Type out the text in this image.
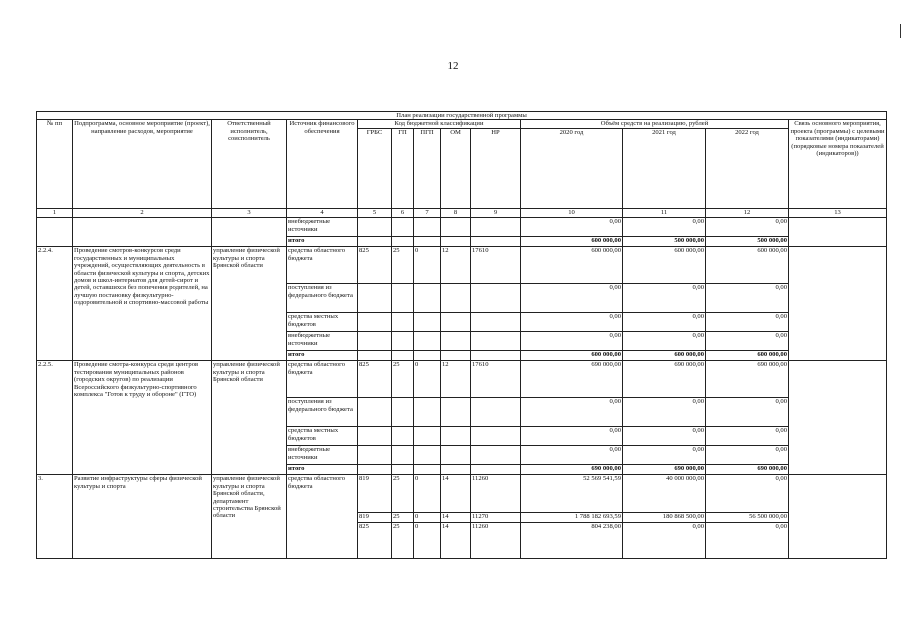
12
План реализации государственной программы												
№ пп	Подпрограмма, основное мероприятие (проект), направление расходов, мероприятие	Ответственный исполнитель, соисполнитель	Источник финансового обеспечения	Код бюджетной классификации					Объём средств на реализацию, рублей			Связь основного мероприятия, проекта (программы) с целевыми показателями (индикаторами) (порядковые номера показателей (индикаторов))
				ГРБС	ГП	ПГП	ОМ	НР	2020 год	2021 год	2022 год	
1	2	3	4	5	6	7	8	9	10	11	12	13
			внебюджетные источники						0,00	0,00	0,00	
			итого						600 000,00	500 000,00	500 000,00	
2.2.4.	Проведение смотров-конкурсов среди государственных и муниципальных учреждений, осуществляющих деятельность в области физической культуры и спорта, детских домов и школ-интернатов для детей-сирот и детей, оставшихся без попечения родителей, на лучшую постановку физкультурно-оздоровительной и спортивно-массовой работы	управление физической культуры и спорта Брянской области	средства областного бюджета	825	25	0	12	17610	600 000,00	600 000,00	600 000,00	
			поступления из федерального бюджета						0,00	0,00	0,00	
			средства местных бюджетов						0,00	0,00	0,00	
			внебюджетные источники						0,00	0,00	0,00	
			итого						600 000,00	600 000,00	600 000,00	
2.2.5.	Проведение смотра-конкурса среди центров тестирования муниципальных районов (городских округов) по реализации Всероссийского физкультурно-спортивного комплекса "Готов к труду и обороне" (ГТО)	управление физической культуры и спорта Брянской области	средства областного бюджета	825	25	0	12	17610	690 000,00	690 000,00	690 000,00	
			поступления из федерального бюджета						0,00	0,00	0,00	
			средства местных бюджетов						0,00	0,00	0,00	
			внебюджетные источники						0,00	0,00	0,00	
			итого						690 000,00	690 000,00	690 000,00	
3.	Развитие инфраструктуры сферы физической культуры и спорта	управление физической культуры и спорта Брянской области, департамент строительства Брянской области	средства областного бюджета	819	25	0	14	11260	52 569 541,59	40 000 000,00	0,00	
				819	25	0	14	11270	1 788 182 693,59	180 868 500,00	56 500 000,00	
				825	25	0	14	11260	804 238,00	0,00	0,00	
